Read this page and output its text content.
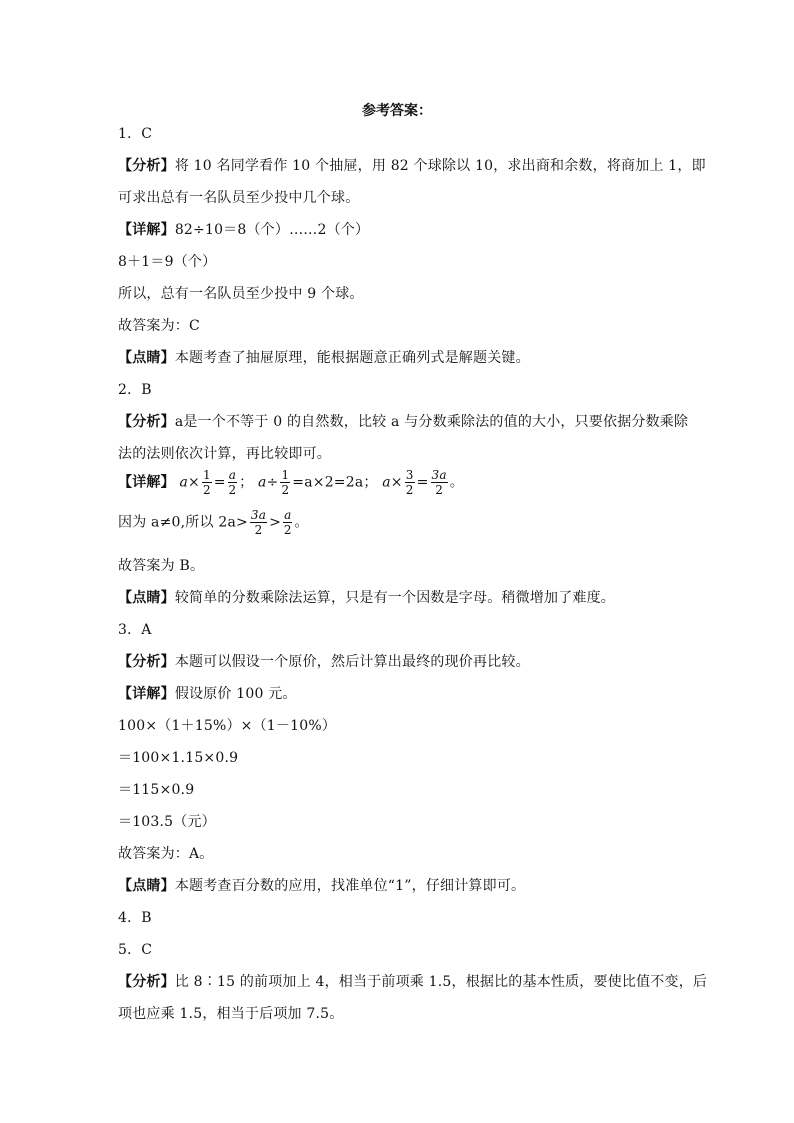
参考答案：
1．C
【分析】将 10 名同学看作 10 个抽屉，用 82 个球除以 10，求出商和余数，将商加上 1，即
可求出总有一名队员至少投中几个球。
【详解】82÷10＝8（个）……2（个）
8＋1＝9（个）
所以，总有一名队员至少投中 9 个球。
故答案为：C
【点睛】本题考查了抽屉原理，能根据题意正确列式是解题关键。
2．B
【分析】a是一个不等于 0 的自然数，比较 a 与分数乘除法的值的大小，只要依据分数乘除
法的法则依次计算，再比较即可。
【详解】 $a\times \frac{1}{2} = \frac{a}{2}$ ； $a\div \frac{1}{2} =a\times 2=2a$； $a\times \frac{3}{2} = \frac{3a}{2}$ 。
因为 a≠0,所以 $2a> \frac{3a}{2} > \frac{a}{2}$ 。
故答案为 B。
【点睛】较简单的分数乘除法运算，只是有一个因数是字母。稍微增加了难度。
3．A
【分析】本题可以假设一个原价，然后计算出最终的现价再比较。
【详解】假设原价 100 元。
100×（1＋15%）×（1－10%）
＝100×1.15×0.9
＝115×0.9
＝103.5（元）
故答案为：A。
【点睛】本题考查百分数的应用，找准单位“1”，仔细计算即可。
4．B
5．C
【分析】比 8∶15 的前项加上 4，相当于前项乘 1.5，根据比的基本性质，要使比值不变，后
项也应乘 1.5，相当于后项加 7.5。
